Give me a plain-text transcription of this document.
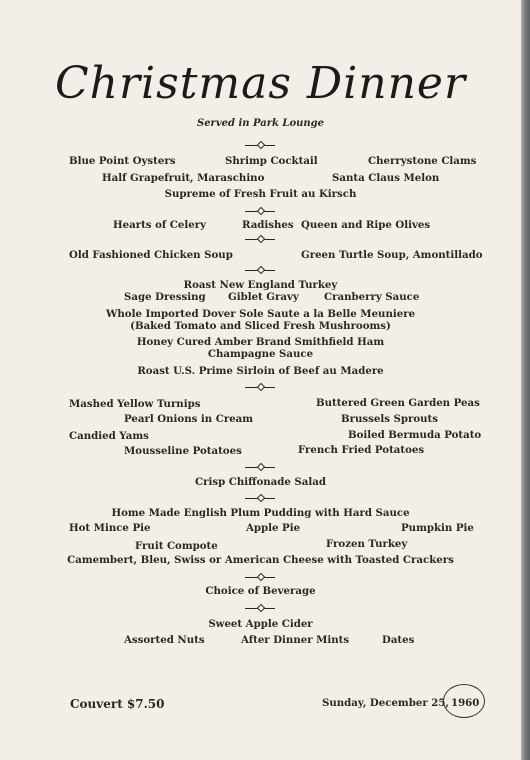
Christmas Dinner
Served in Park Lounge
Blue Point Oysters	Shrimp Cocktail	Cherrystone Clams
Half Grapefruit, Maraschino	Santa Claus Melon
Supreme of Fresh Fruit au Kirsch
Hearts of Celery	Radishes Queen and Ripe Olives
Old Fashioned Chicken Soup	Green Turtle Soup, Amontillado
Roast New England Turkey
Sage Dressing Giblet Gravy Cranberry Sauce
Whole Imported Dover Sole Saute a la Belle Meuniere
(Baked Tomato and Sliced Fresh Mushrooms)
Honey Cured Amber Brand Smithfield Ham
Champagne Sauce
Roast U.S. Prime Sirloin of Beef au Madere
Mashed Yellow Turnips	Buttered Green Garden Peas
Pearl Onions in Cream	Brussels Sprouts
Candied Yams	Boiled Bermuda Potato
Mousseline Potatoes	French Fried Potatoes
Crisp Chiffonade Salad
Home Made English Plum Pudding with Hard Sauce
Hot Mince Pie	Apple Pie	Pumpkin Pie
Fruit Compote	Frozen Turkey
Camembert, Bleu, Swiss or American Cheese with Toasted Crackers
Choice of Beverage
Sweet Apple Cider
Assorted Nuts	After Dinner Mints	Dates
Couvert $7.50	Sunday, December 25, 1960
